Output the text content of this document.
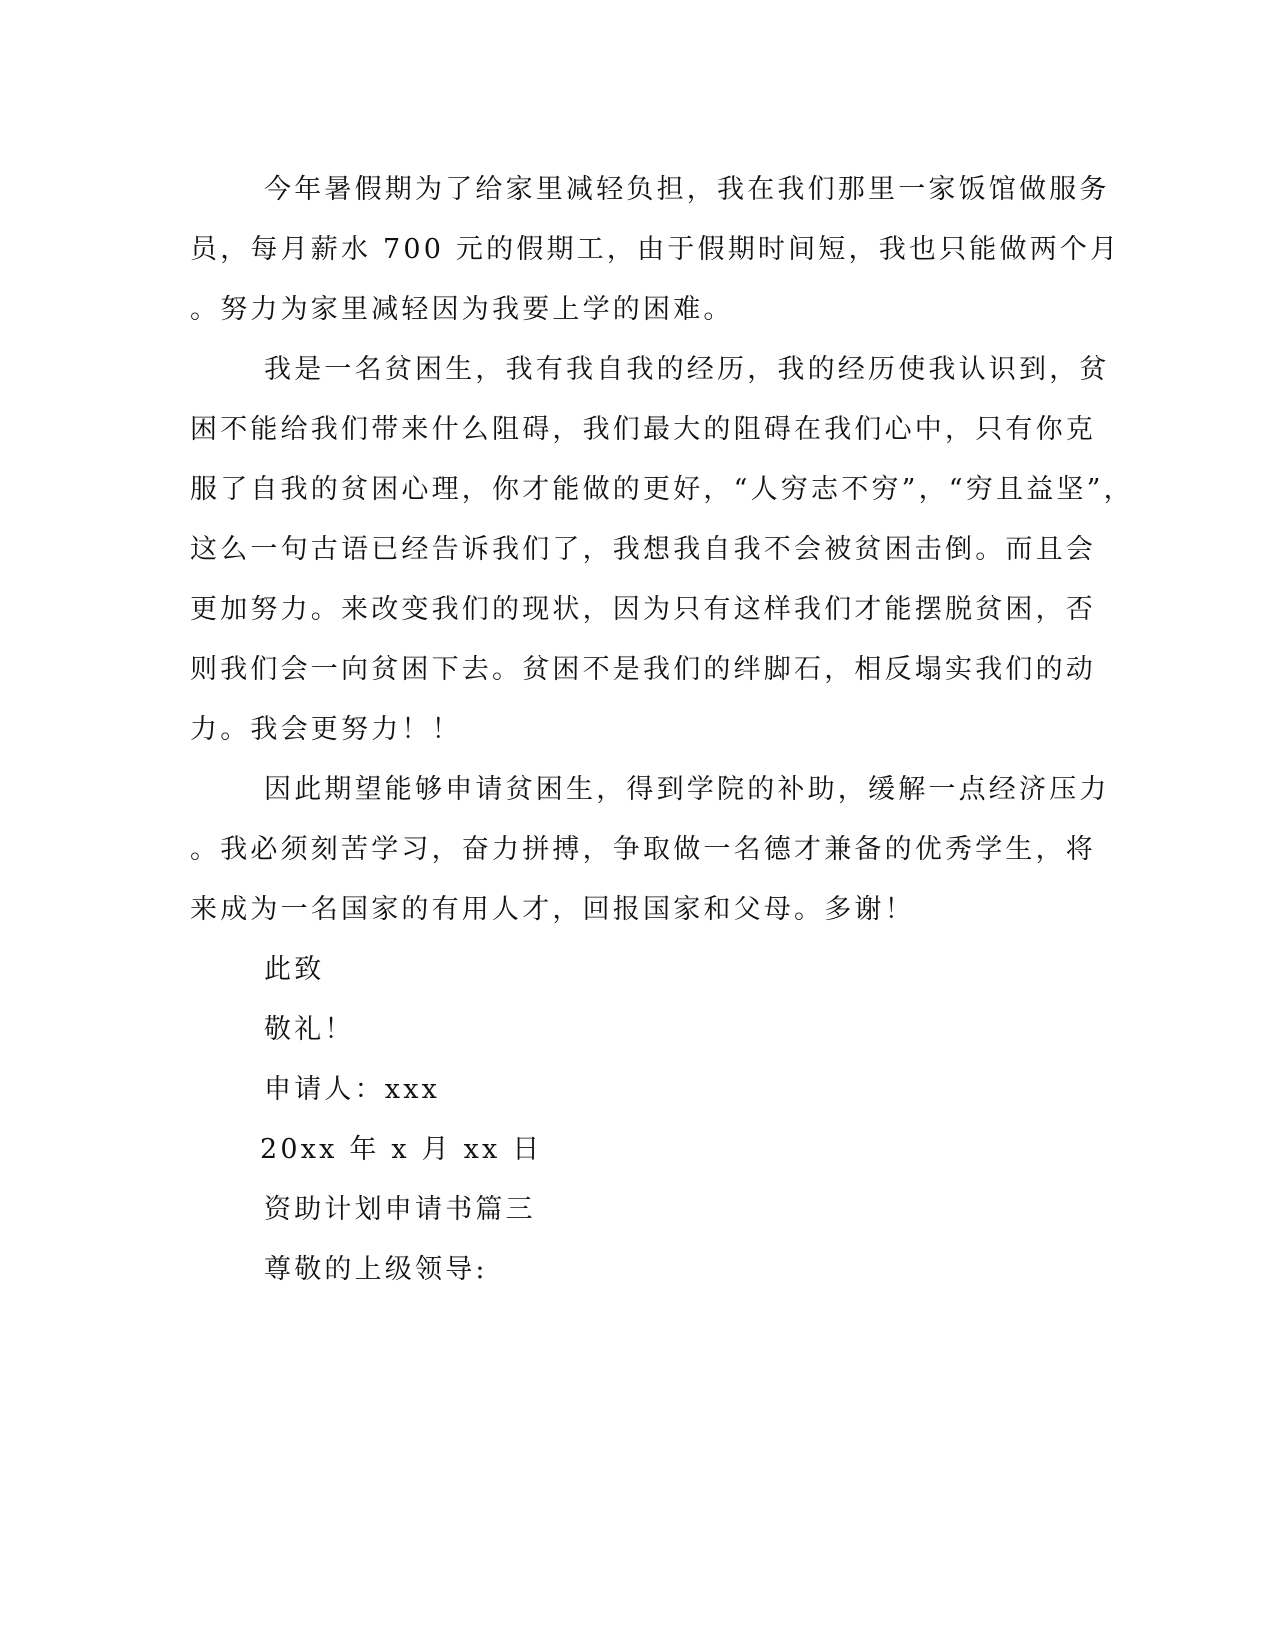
今年暑假期为了给家里减轻负担，我在我们那里一家饭馆做服务
员，每月薪水 700 元的假期工，由于假期时间短，我也只能做两个月
。努力为家里减轻因为我要上学的困难。
我是一名贫困生，我有我自我的经历，我的经历使我认识到，贫
困不能给我们带来什么阻碍，我们最大的阻碍在我们心中，只有你克
服了自我的贫困心理，你才能做的更好，“人穷志不穷”，“穷且益坚”，
这么一句古语已经告诉我们了，我想我自我不会被贫困击倒。而且会
更加努力。来改变我们的现状，因为只有这样我们才能摆脱贫困，否
则我们会一向贫困下去。贫困不是我们的绊脚石，相反塌实我们的动
力。我会更努力！！
因此期望能够申请贫困生，得到学院的补助，缓解一点经济压力
。我必须刻苦学习，奋力拼搏，争取做一名德才兼备的优秀学生，将
来成为一名国家的有用人才，回报国家和父母。多谢！
此致
敬礼！
申请人：xxx
20xx 年 x 月 xx 日
资助计划申请书篇三
尊敬的上级领导:
